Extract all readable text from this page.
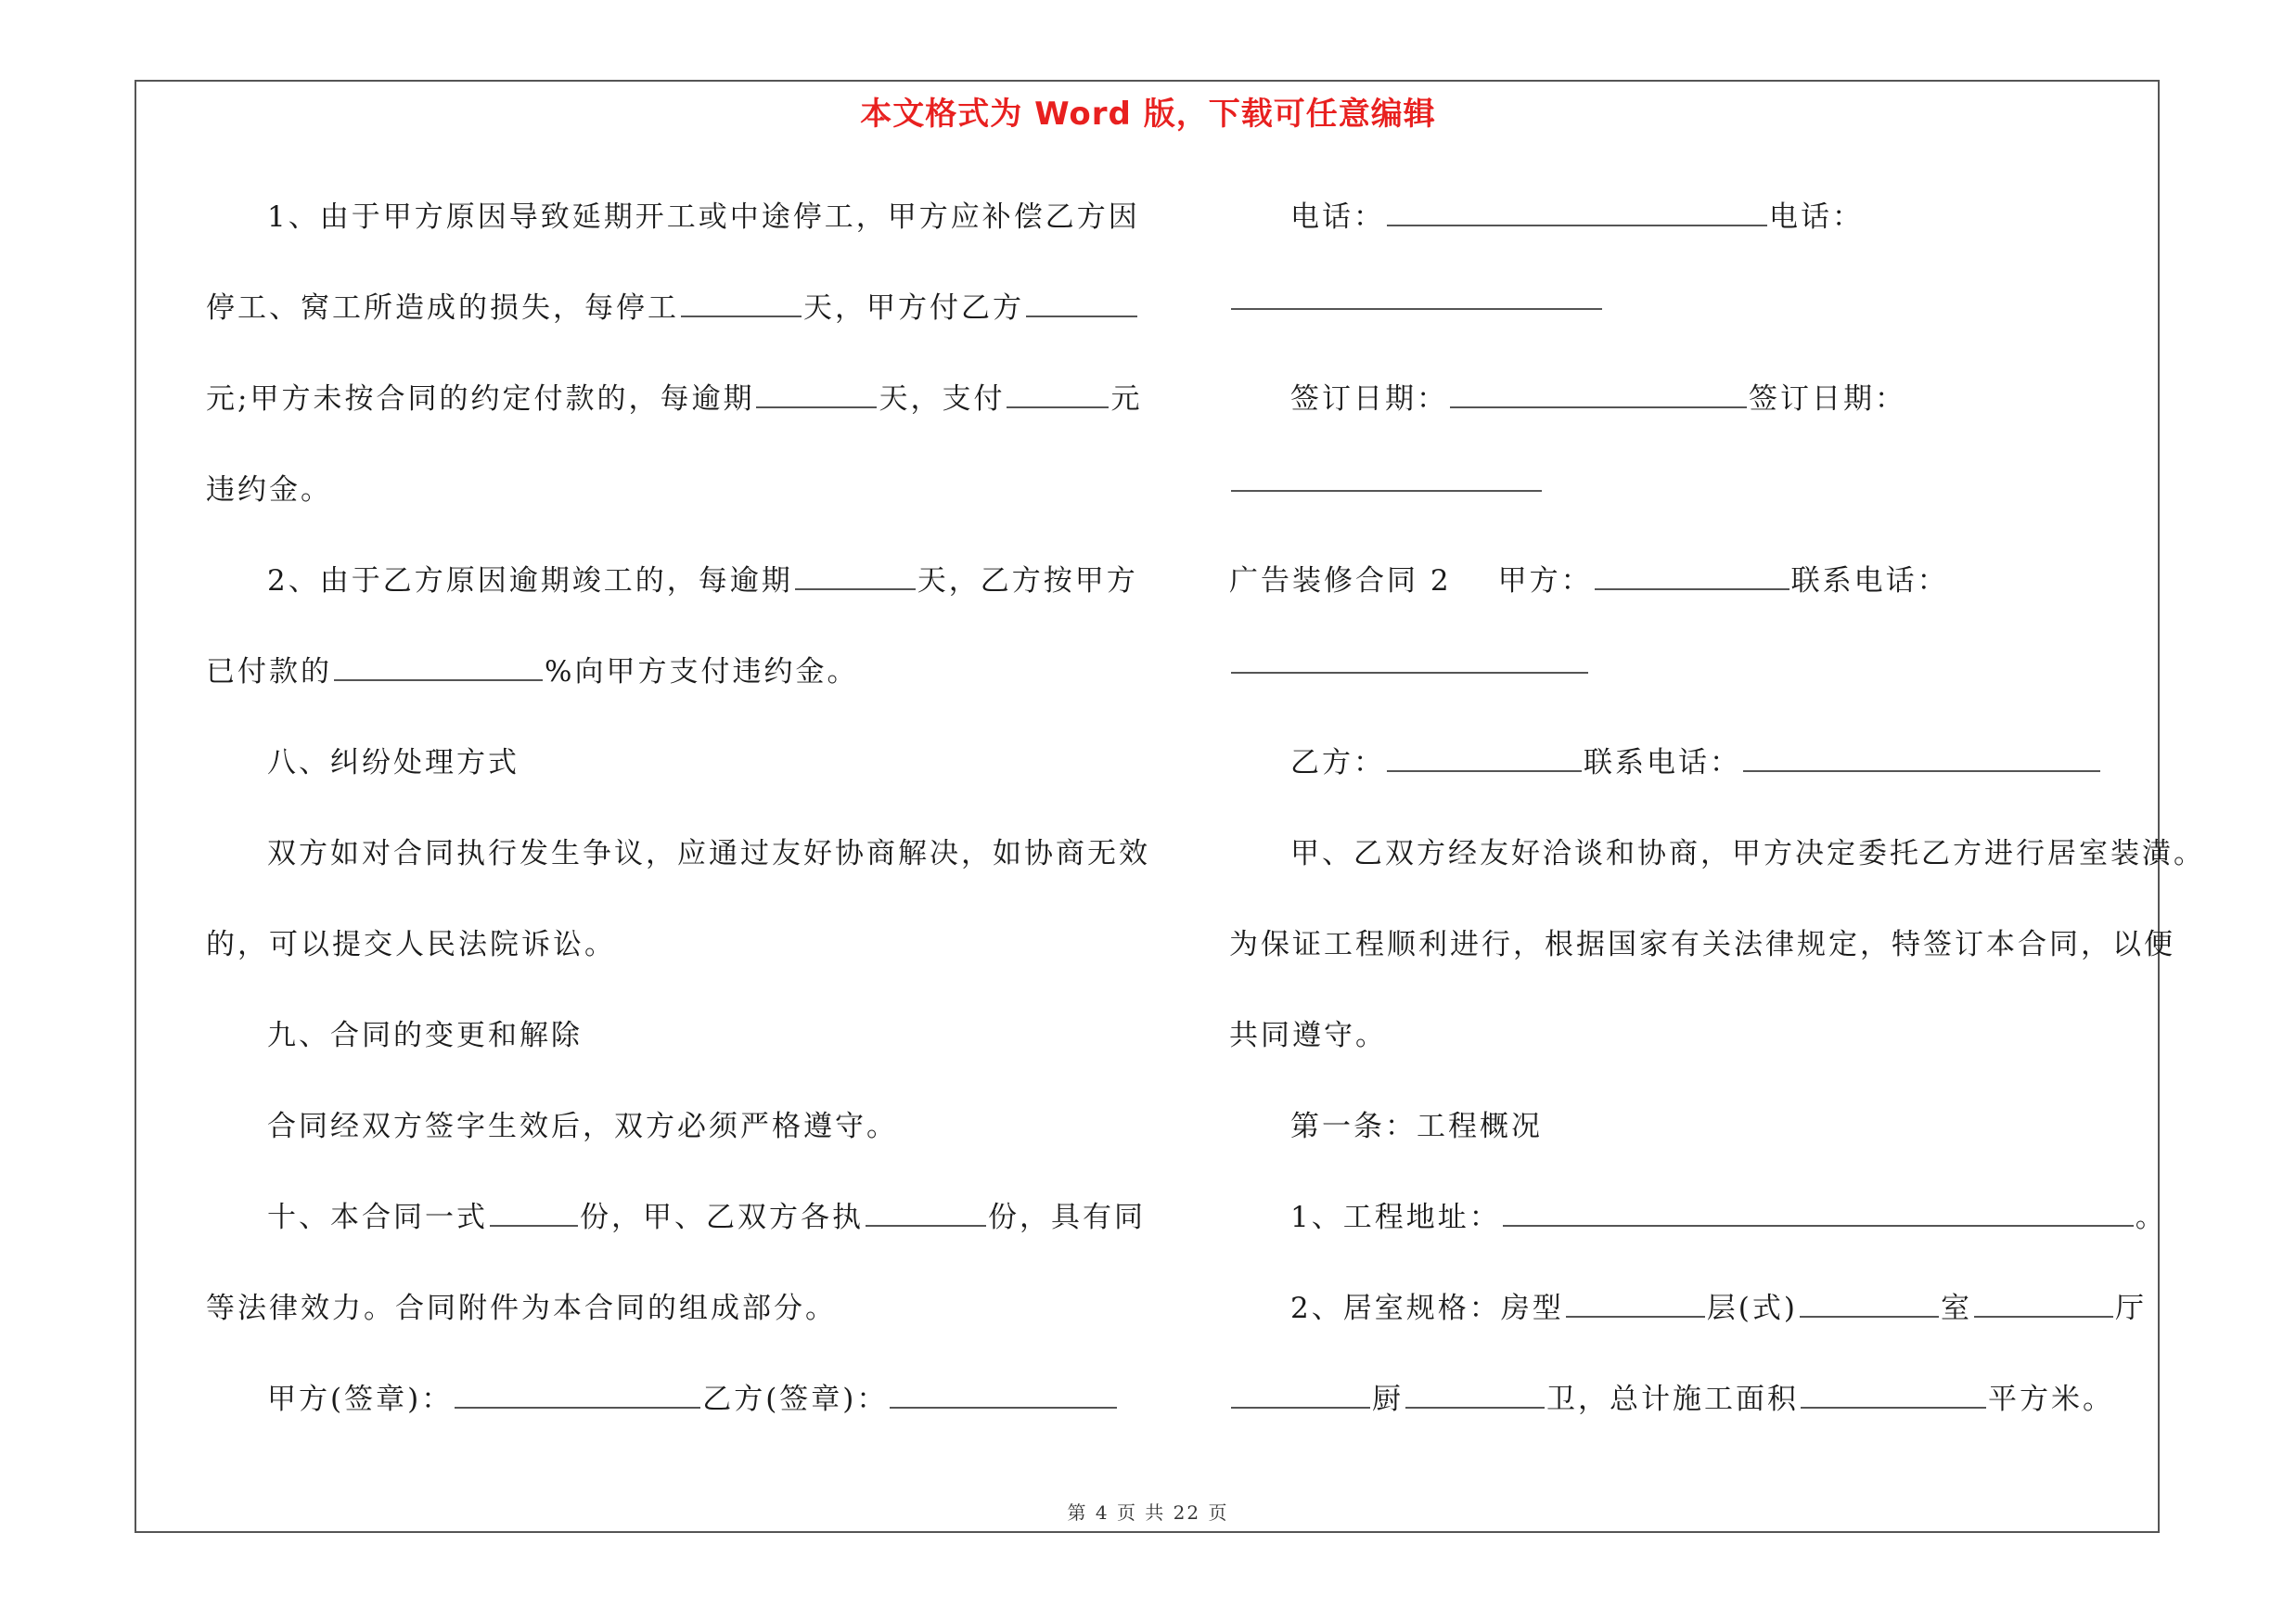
本文格式为 Word 版，下载可任意编辑
1、由于甲方原因导致延期开工或中途停工，甲方应补偿乙方因
停工、窝工所造成的损失，每停工	天，甲方付乙方
元;甲方未按合同的约定付款的，每逾期	天，支付	元
违约金。
2、由于乙方原因逾期竣工的，每逾期	天，乙方按甲方
已付款的	%向甲方支付违约金。
八、纠纷处理方式
双方如对合同执行发生争议，应通过友好协商解决，如协商无效
的，可以提交人民法院诉讼。
九、合同的变更和解除
合同经双方签字生效后，双方必须严格遵守。
十、本合同一式	份，甲、乙双方各执	份，具有同
等法律效力。合同附件为本合同的组成部分。
甲方(签章)：	乙方(签章)：
电话：	电话：
签订日期：	签订日期：
广告装修合同 2 甲方：	联系电话：
乙方：	联系电话：
甲、乙双方经友好洽谈和协商，甲方决定委托乙方进行居室装潢。
为保证工程顺利进行，根据国家有关法律规定，特签订本合同，以便
共同遵守。
第一条：工程概况
1、工程地址：	。
2、居室规格：房型	层(式)	室	厅
厨	卫，总计施工面积	平方米。
第 4 页 共 22 页
